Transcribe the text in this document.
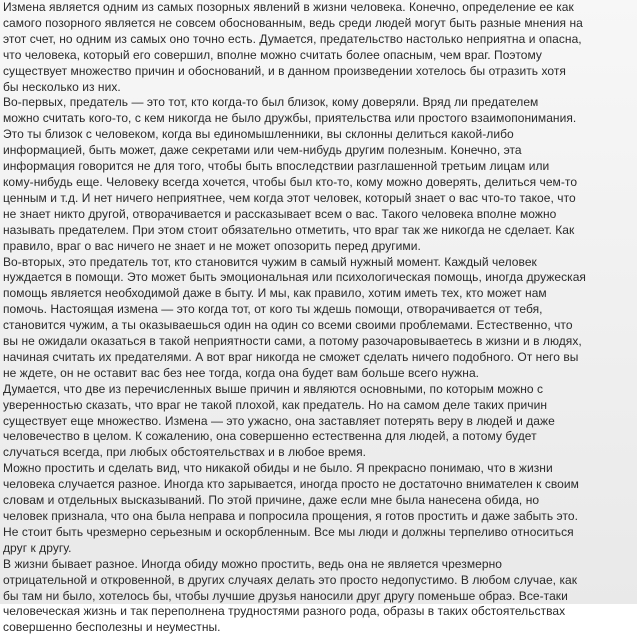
Измена является одним из самых позорных явлений в жизни человека. Конечно, определение ее как
самого позорного является не совсем обоснованным, ведь среди людей могут быть разные мнения на
этот счет, но одним из самых оно точно есть. Думается, предательство настолько неприятна и опасна,
что человека, который его совершил, вполне можно считать более опасным, чем враг. Поэтому
существует множество причин и обоснований, и в данном произведении хотелось бы отразить хотя
бы несколько из них.
Во-первых, предатель — это тот, кто когда-то был близок, кому доверяли. Вряд ли предателем
можно считать кого-то, с кем никогда не было дружбы, приятельства или простого взаимопонимания.
Это ты близок с человеком, когда вы единомышленники, вы склонны делиться какой-либо
информацией, быть может, даже секретами или чем-нибудь другим полезным. Конечно, эта
информация говорится не для того, чтобы быть впоследствии разглашенной третьим лицам или
кому-нибудь еще. Человеку всегда хочется, чтобы был кто-то, кому можно доверять, делиться чем-то
ценным и т.д. И нет ничего неприятнее, чем когда этот человек, который знает о вас что-то такое, что
не знает никто другой, отворачивается и рассказывает всем о вас. Такого человека вполне можно
называть предателем. При этом стоит обязательно отметить, что враг так же никогда не сделает. Как
правило, враг о вас ничего не знает и не может опозорить перед другими.
Во-вторых, это предатель тот, кто становится чужим в самый нужный момент. Каждый человек
нуждается в помощи. Это может быть эмоциональная или психологическая помощь, иногда дружеская
помощь является необходимой даже в быту. И мы, как правило, хотим иметь тех, кто может нам
помочь. Настоящая измена — это когда тот, от кого ты ждешь помощи, отворачивается от тебя,
становится чужим, а ты оказываешься один на один со всеми своими проблемами. Естественно, что
вы не ожидали оказаться в такой неприятности сами, а потому разочаровываетесь в жизни и в людях,
начиная считать их предателями. А вот враг никогда не сможет сделать ничего подобного. От него вы
не ждете, он не оставит вас без нее тогда, когда она будет вам больше всего нужна.
Думается, что две из перечисленных выше причин и являются основными, по которым можно с
уверенностью сказать, что враг не такой плохой, как предатель. Но на самом деле таких причин
существует еще множество. Измена — это ужасно, она заставляет потерять веру в людей и даже
человечество в целом. К сожалению, она совершенно естественна для людей, а потому будет
случаться всегда, при любых обстоятельствах и в любое время.
Можно простить и сделать вид, что никакой обиды и не было. Я прекрасно понимаю, что в жизни
человека случается разное. Иногда кто зарывается, иногда просто не достаточно внимателен к своим
словам и отдельных высказываний. По этой причине, даже если мне была нанесена обида, но
человек признала, что она была неправа и попросила прощения, я готов простить и даже забыть это.
Не стоит быть чрезмерно серьезным и оскорбленным. Все мы люди и должны терпеливо относиться
друг к другу.
В жизни бывает разное. Иногда обиду можно простить, ведь она не является чрезмерно
отрицательной и откровенной, в других случаях делать это просто недопустимо. В любом случае, как
бы там ни было, хотелось бы, чтобы лучшие друзья наносили друг другу поменьше обраэ. Все-таки
человеческая жизнь и так переполнена трудностями разного рода, образы в таких обстоятельствах
совершенно бесполезны и неуместны.
